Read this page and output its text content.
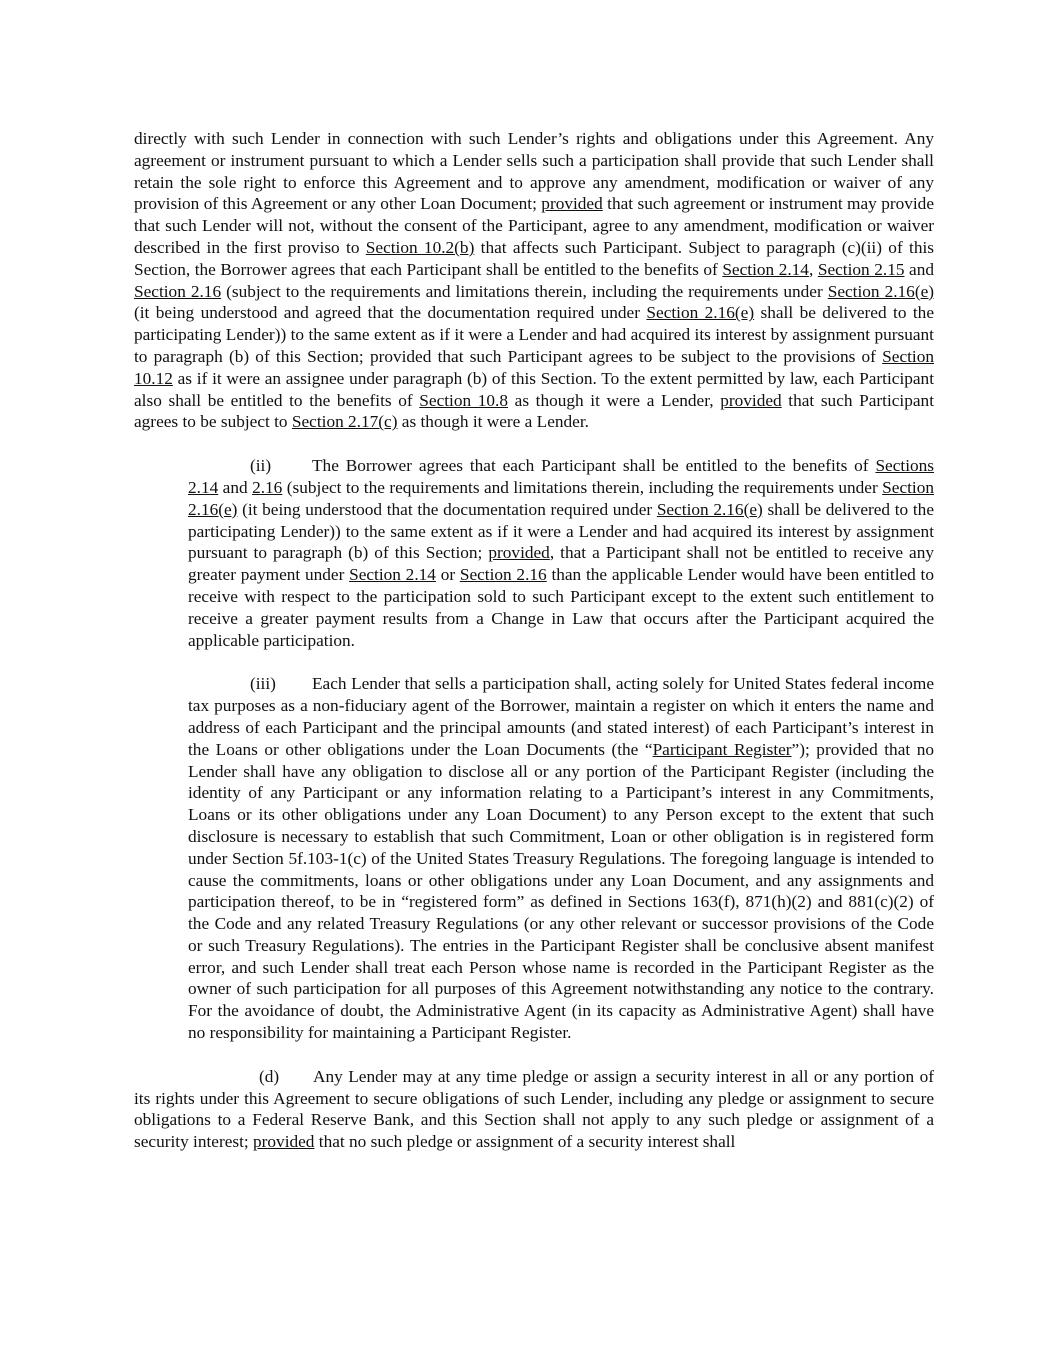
directly with such Lender in connection with such Lender’s rights and obligations under this Agreement. Any agreement or instrument pursuant to which a Lender sells such a participation shall provide that such Lender shall retain the sole right to enforce this Agreement and to approve any amendment, modification or waiver of any provision of this Agreement or any other Loan Document; provided that such agreement or instrument may provide that such Lender will not, without the consent of the Participant, agree to any amendment, modification or waiver described in the first proviso to Section 10.2(b) that affects such Participant. Subject to paragraph (c)(ii) of this Section, the Borrower agrees that each Participant shall be entitled to the benefits of Section 2.14, Section 2.15 and Section 2.16 (subject to the requirements and limitations therein, including the requirements under Section 2.16(e) (it being understood and agreed that the documentation required under Section 2.16(e) shall be delivered to the participating Lender)) to the same extent as if it were a Lender and had acquired its interest by assignment pursuant to paragraph (b) of this Section; provided that such Participant agrees to be subject to the provisions of Section 10.12 as if it were an assignee under paragraph (b) of this Section. To the extent permitted by law, each Participant also shall be entitled to the benefits of Section 10.8 as though it were a Lender, provided that such Participant agrees to be subject to Section 2.17(c) as though it were a Lender.

(ii) The Borrower agrees that each Participant shall be entitled to the benefits of Sections 2.14 and 2.16 (subject to the requirements and limitations therein, including the requirements under Section 2.16(e) (it being understood that the documentation required under Section 2.16(e) shall be delivered to the participating Lender)) to the same extent as if it were a Lender and had acquired its interest by assignment pursuant to paragraph (b) of this Section; provided, that a Participant shall not be entitled to receive any greater payment under Section 2.14 or Section 2.16 than the applicable Lender would have been entitled to receive with respect to the participation sold to such Participant except to the extent such entitlement to receive a greater payment results from a Change in Law that occurs after the Participant acquired the applicable participation.

(iii) Each Lender that sells a participation shall, acting solely for United States federal income tax purposes as a non-fiduciary agent of the Borrower, maintain a register on which it enters the name and address of each Participant and the principal amounts (and stated interest) of each Participant’s interest in the Loans or other obligations under the Loan Documents (the “Participant Register”); provided that no Lender shall have any obligation to disclose all or any portion of the Participant Register (including the identity of any Participant or any information relating to a Participant’s interest in any Commitments, Loans or its other obligations under any Loan Document) to any Person except to the extent that such disclosure is necessary to establish that such Commitment, Loan or other obligation is in registered form under Section 5f.103-1(c) of the United States Treasury Regulations. The foregoing language is intended to cause the commitments, loans or other obligations under any Loan Document, and any assignments and participation thereof, to be in “registered form” as defined in Sections 163(f), 871(h)(2) and 881(c)(2) of the Code and any related Treasury Regulations (or any other relevant or successor provisions of the Code or such Treasury Regulations). The entries in the Participant Register shall be conclusive absent manifest error, and such Lender shall treat each Person whose name is recorded in the Participant Register as the owner of such participation for all purposes of this Agreement notwithstanding any notice to the contrary. For the avoidance of doubt, the Administrative Agent (in its capacity as Administrative Agent) shall have no responsibility for maintaining a Participant Register.

(d) Any Lender may at any time pledge or assign a security interest in all or any portion of its rights under this Agreement to secure obligations of such Lender, including any pledge or assignment to secure obligations to a Federal Reserve Bank, and this Section shall not apply to any such pledge or assignment of a security interest; provided that no such pledge or assignment of a security interest shall
